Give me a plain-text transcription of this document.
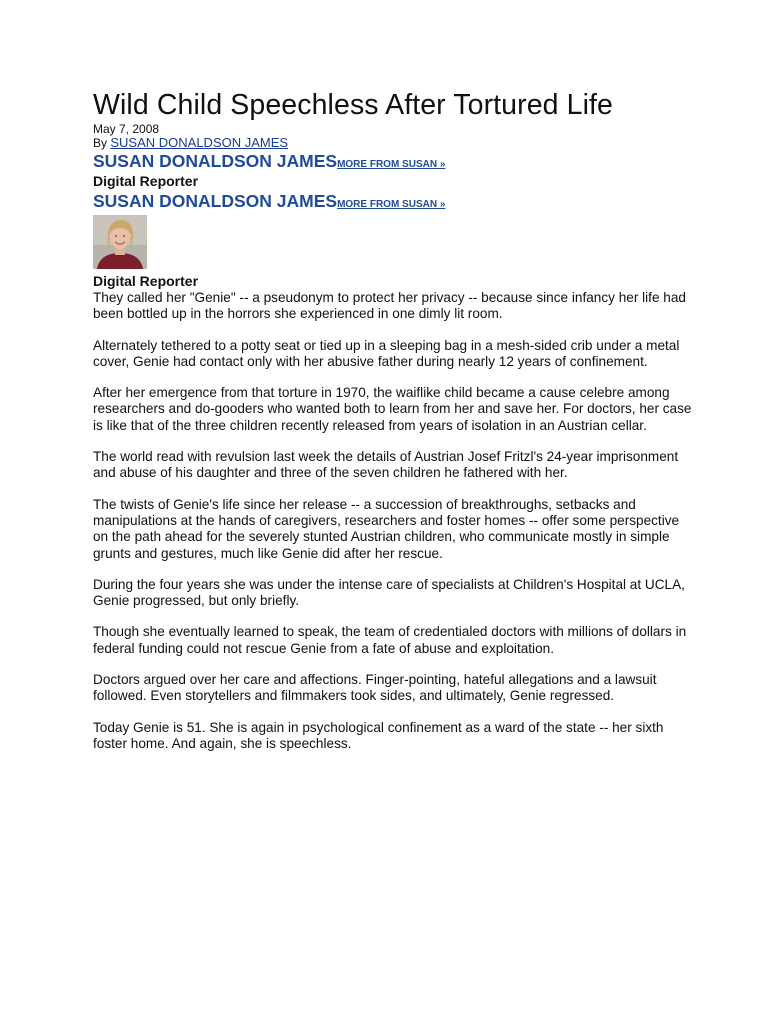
Wild Child Speechless After Tortured Life
May 7, 2008
By SUSAN DONALDSON JAMES
SUSAN DONALDSON JAMES MORE FROM SUSAN »
Digital Reporter
SUSAN DONALDSON JAMES MORE FROM SUSAN »
Digital Reporter

They called her "Genie" -- a pseudonym to protect her privacy -- because since infancy her life had been bottled up in the horrors she experienced in one dimly lit room.

Alternately tethered to a potty seat or tied up in a sleeping bag in a mesh-sided crib under a metal cover, Genie had contact only with her abusive father during nearly 12 years of confinement.

After her emergence from that torture in 1970, the waiflike child became a cause celebre among researchers and do-gooders who wanted both to learn from her and save her. For doctors, her case is like that of the three children recently released from years of isolation in an Austrian cellar.

The world read with revulsion last week the details of Austrian Josef Fritzl's 24-year imprisonment and abuse of his daughter and three of the seven children he fathered with her.

The twists of Genie's life since her release -- a succession of breakthroughs, setbacks and manipulations at the hands of caregivers, researchers and foster homes -- offer some perspective on the path ahead for the severely stunted Austrian children, who communicate mostly in simple grunts and gestures, much like Genie did after her rescue.

During the four years she was under the intense care of specialists at Children's Hospital at UCLA, Genie progressed, but only briefly.

Though she eventually learned to speak, the team of credentialed doctors with millions of dollars in federal funding could not rescue Genie from a fate of abuse and exploitation.

Doctors argued over her care and affections. Finger-pointing, hateful allegations and a lawsuit followed. Even storytellers and filmmakers took sides, and ultimately, Genie regressed.

Today Genie is 51. She is again in psychological confinement as a ward of the state -- her sixth foster home. And again, she is speechless.
